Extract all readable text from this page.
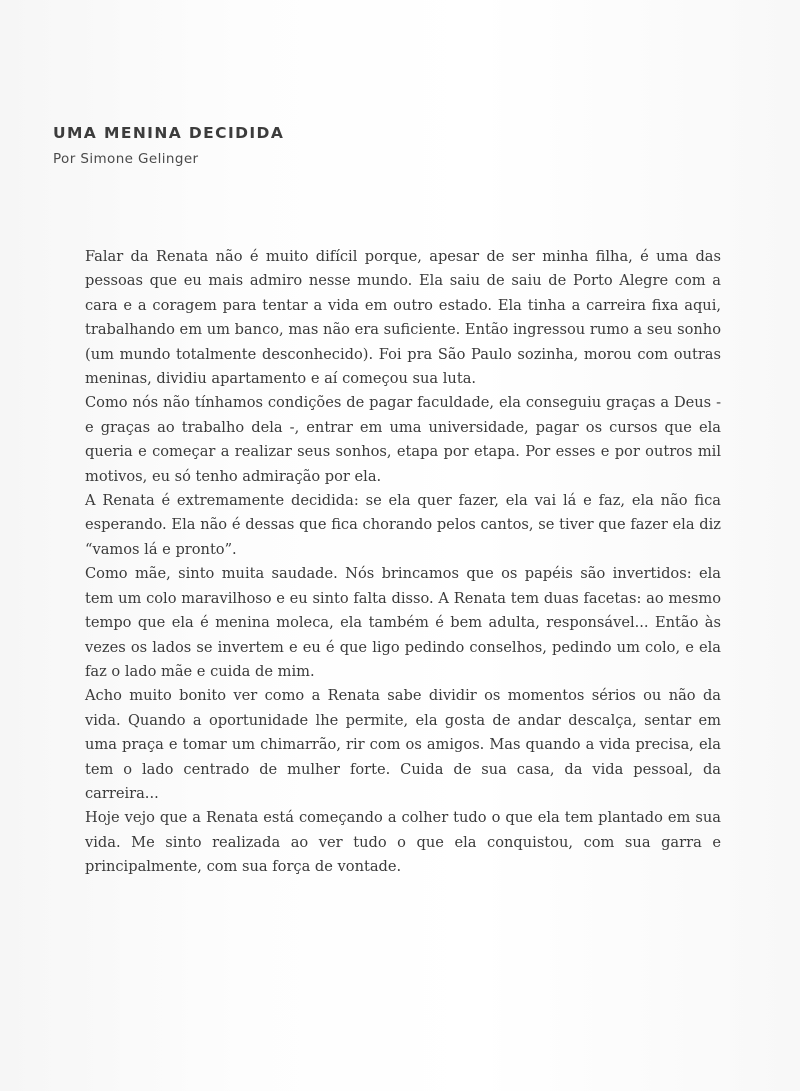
UMA MENINA DECIDIDA
Por Simone Gelinger

Falar da Renata não é muito difícil porque, apesar de ser minha filha, é uma das pessoas que eu mais admiro nesse mundo. Ela saiu de saiu de Porto Alegre com a cara e a coragem para tentar a vida em outro estado. Ela tinha a carreira fixa aqui, trabalhando em um banco, mas não era suficiente. Então ingressou rumo a seu sonho (um mundo totalmente desconhecido). Foi pra São Paulo sozinha, morou com outras meninas, dividiu apartamento e aí começou sua luta.

Como nós não tínhamos condições de pagar faculdade, ela conseguiu graças a Deus - e graças ao trabalho dela -, entrar em uma universidade, pagar os cursos que ela queria e começar a realizar seus sonhos, etapa por etapa. Por esses e por outros mil motivos, eu só tenho admiração por ela.

A Renata é extremamente decidida: se ela quer fazer, ela vai lá e faz, ela não fica esperando. Ela não é dessas que fica chorando pelos cantos, se tiver que fazer ela diz “vamos lá e pronto”.

Como mãe, sinto muita saudade. Nós brincamos que os papéis são invertidos: ela tem um colo maravilhoso e eu sinto falta disso. A Renata tem duas facetas: ao mesmo tempo que ela é menina moleca, ela também é bem adulta, responsável... Então às vezes os lados se invertem e eu é que ligo pedindo conselhos, pedindo um colo, e ela faz o lado mãe e cuida de mim.

Acho muito bonito ver como a Renata sabe dividir os momentos sérios ou não da vida. Quando a oportunidade lhe permite, ela gosta de andar descalça, sentar em uma praça e tomar um chimarrão, rir com os amigos. Mas quando a vida precisa, ela tem o lado centrado de mulher forte. Cuida de sua casa, da vida pessoal, da carreira...

Hoje vejo que a Renata está começando a colher tudo o que ela tem plantado em sua vida. Me sinto realizada ao ver tudo o que ela conquistou, com sua garra e principalmente, com sua força de vontade.
